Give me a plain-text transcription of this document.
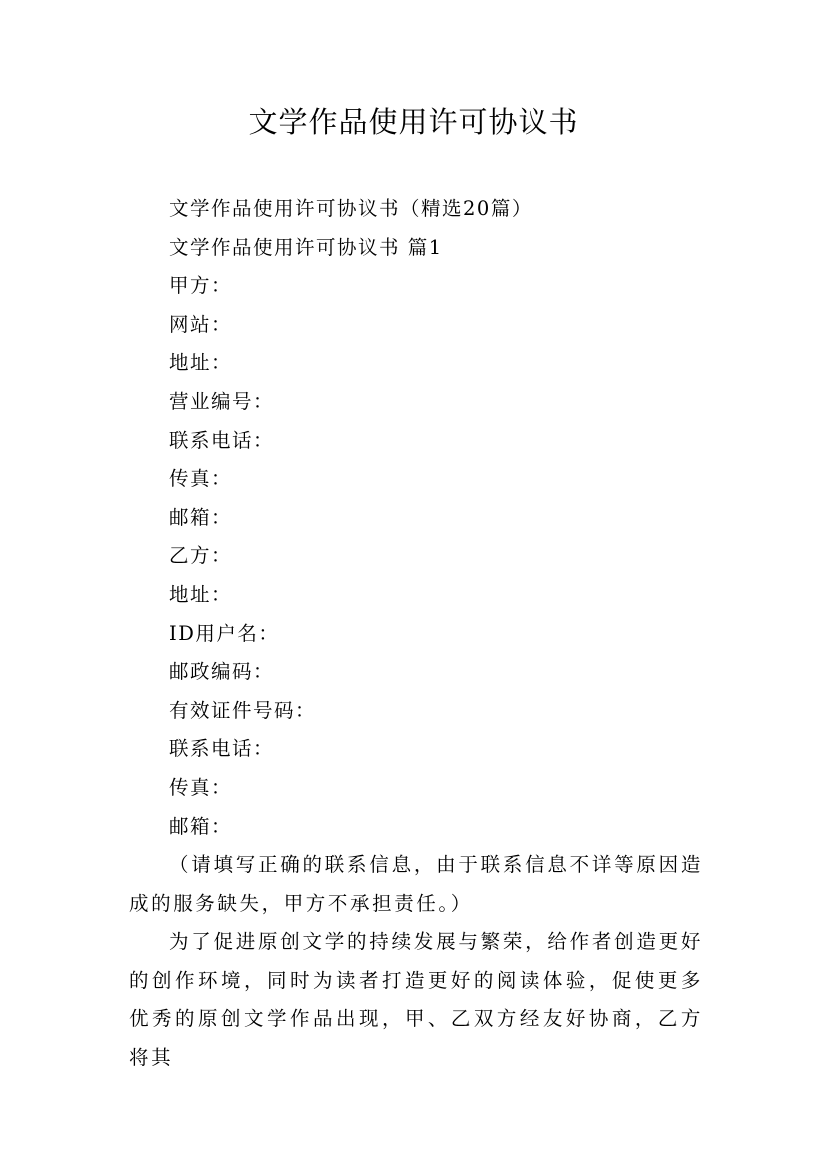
文学作品使用许可协议书
文学作品使用许可协议书（精选20篇）
文学作品使用许可协议书 篇1
甲方：
网站：
地址：
营业编号：
联系电话：
传真：
邮箱：
乙方：
地址：
ID用户名：
邮政编码：
有效证件号码：
联系电话：
传真：
邮箱：

（请填写正确的联系信息，由于联系信息不详等原因造成的服务缺失，甲方不承担责任。）

为了促进原创文学的持续发展与繁荣，给作者创造更好的创作环境，同时为读者打造更好的阅读体验，促使更多优秀的原创文学作品出现，甲、乙双方经友好协商，乙方将其
